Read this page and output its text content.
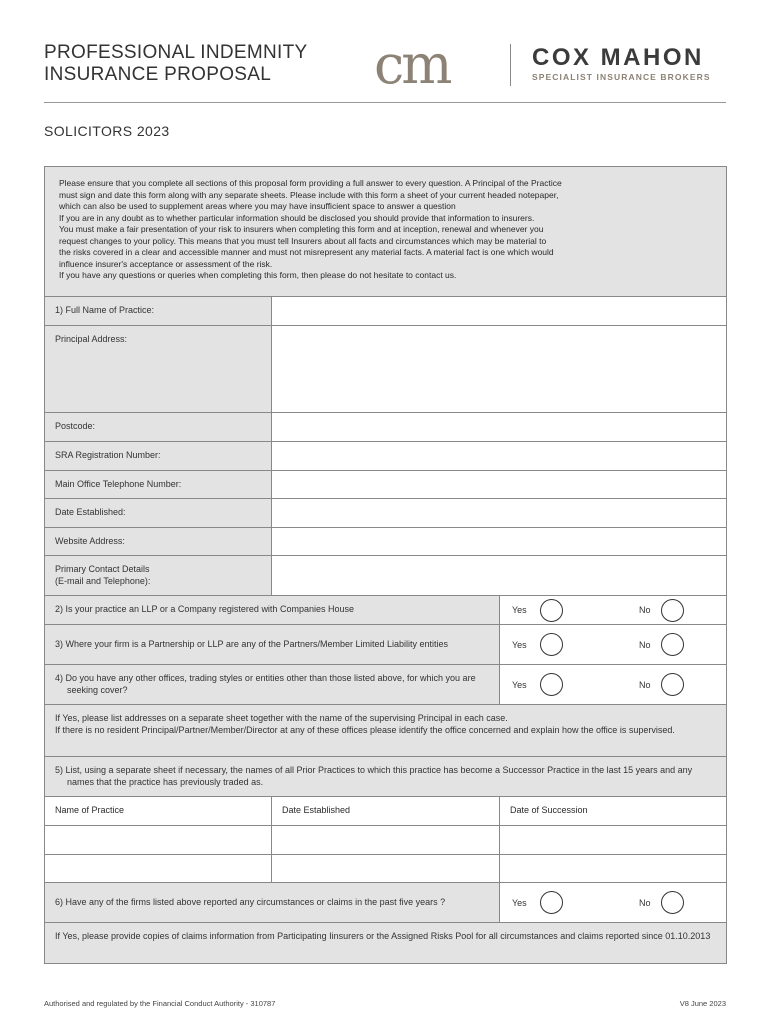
PROFESSIONAL INDEMNITY
INSURANCE PROPOSAL	cm	COX MAHON
SPECIALIST INSURANCE BROKERS
SOLICITORS 2023

Please ensure that you complete all sections of this proposal form providing a full answer to every question. A Principal of the Practice

must sign and date this form along with any separate sheets. Please include with this form a sheet of your current headed notepaper,

which can also be used to supplement areas where you may have insufficient space to answer a question

If you are in any doubt as to whether particular information should be disclosed you should provide that information to insurers.

You must make a fair presentation of your risk to insurers when completing this form and at inception, renewal and whenever you

request changes to your policy. This means that you must tell Insurers about all facts and circumstances which may be material to

the risks covered in a clear and accessible manner and must not misrepresent any material facts. A material fact is one which would

influence insurer's acceptance or assessment of the risk.

If you have any questions or queries when completing this form, then please do not hesitate to contact us.

1) Full Name of Practice:
Principal Address:
Postcode:
SRA Registration Number:
Main Office Telephone Number:
Date Established:
Website Address:
Primary Contact Details
(E-mail and Telephone):
2) Is your practice an LLP or a Company registered with Companies House	Yes	No
3) Where your firm is a Partnership or LLP are any of the Partners/Member Limited Liability entities	Yes	No
4) Do you have any other offices, trading styles or entities other than those listed above, for which you are seeking cover?	Yes	No
If Yes, please list addresses on a separate sheet together with the name of the supervising Principal in each case.
If there is no resident Principal/Partner/Member/Director at any of these offices please identify the office concerned and explain how the office is supervised.
5) List, using a separate sheet if necessary, the names of all Prior Practices to which this practice has become a Successor Practice in the last 15 years and any names that the practice has previously traded as.
Name of Practice	Date Established	Date of Succession
6) Have any of the firms listed above reported any circumstances or claims in the past five years ?	Yes	No
If Yes, please provide copies of claims information from Participating Iinsurers or the Assigned Risks Pool for all circumstances and claims reported since 01.10.2013
Authorised and regulated by the Financial Conduct Authority - 310787	V8 June 2023
